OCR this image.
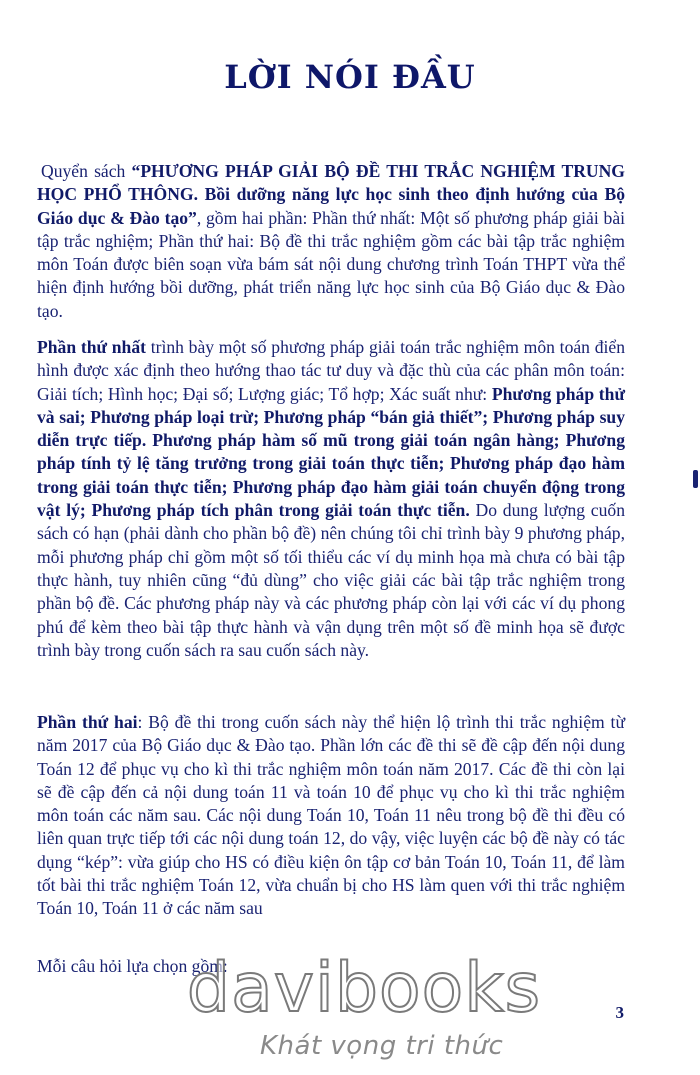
LỜI NÓI ĐẦU

Quyển sách “PHƯƠNG PHÁP GIẢI BỘ ĐỀ THI TRẮC NGHIỆM TRUNG HỌC PHỔ THÔNG. Bồi dưỡng năng lực học sinh theo định hướng của Bộ Giáo dục & Đào tạo”, gồm hai phần: Phần thứ nhất: Một số phương pháp giải bài tập trắc nghiệm; Phần thứ hai: Bộ đề thi trắc nghiệm gồm các bài tập trắc nghiệm môn Toán được biên soạn vừa bám sát nội dung chương trình Toán THPT vừa thể hiện định hướng bồi dưỡng, phát triển năng lực học sinh của Bộ Giáo dục & Đào tạo.

Phần thứ nhất trình bày một số phương pháp giải toán trắc nghiệm môn toán điển hình được xác định theo hướng thao tác tư duy và đặc thù của các phân môn toán: Giải tích; Hình học; Đại số; Lượng giác; Tổ hợp; Xác suất như: Phương pháp thử và sai; Phương pháp loại trừ; Phương pháp “bán giả thiết”; Phương pháp suy diễn trực tiếp. Phương pháp hàm số mũ trong giải toán ngân hàng; Phương pháp tính tỷ lệ tăng trưởng trong giải toán thực tiễn; Phương pháp đạo hàm trong giải toán thực tiễn; Phương pháp đạo hàm giải toán chuyển động trong vật lý; Phương pháp tích phân trong giải toán thực tiễn. Do dung lượng cuốn sách có hạn (phải dành cho phần bộ đề) nên chúng tôi chỉ trình bày 9 phương pháp, mỗi phương pháp chỉ gồm một số tối thiểu các ví dụ minh họa mà chưa có bài tập thực hành, tuy nhiên cũng “đủ dùng” cho việc giải các bài tập trắc nghiệm trong phần bộ đề. Các phương pháp này và các phương pháp còn lại với các ví dụ phong phú để kèm theo bài tập thực hành và vận dụng trên một số đề minh họa sẽ được trình bày trong cuốn sách ra sau cuốn sách này.

Phần thứ hai: Bộ đề thi trong cuốn sách này thể hiện lộ trình thi trắc nghiệm từ năm 2017 của Bộ Giáo dục & Đào tạo. Phần lớn các đề thi sẽ đề cập đến nội dung Toán 12 để phục vụ cho kì thi trắc nghiệm môn toán năm 2017. Các đề thi còn lại sẽ đề cập đến cả nội dung toán 11 và toán 10 để phục vụ cho kì thi trắc nghiệm môn toán các năm sau. Các nội dung Toán 10, Toán 11 nêu trong bộ đề thi đều có liên quan trực tiếp tới các nội dung toán 12, do vậy, việc luyện các bộ đề này có tác dụng “kép”: vừa giúp cho HS có điều kiện ôn tập cơ bản Toán 10, Toán 11, để làm tốt bài thi trắc nghiệm Toán 12, vừa chuẩn bị cho HS làm quen với thi trắc nghiệm Toán 10, Toán 11 ở các năm sau

Mỗi câu hỏi lựa chọn gồm:

3
davibooks
Khát vọng tri thức
